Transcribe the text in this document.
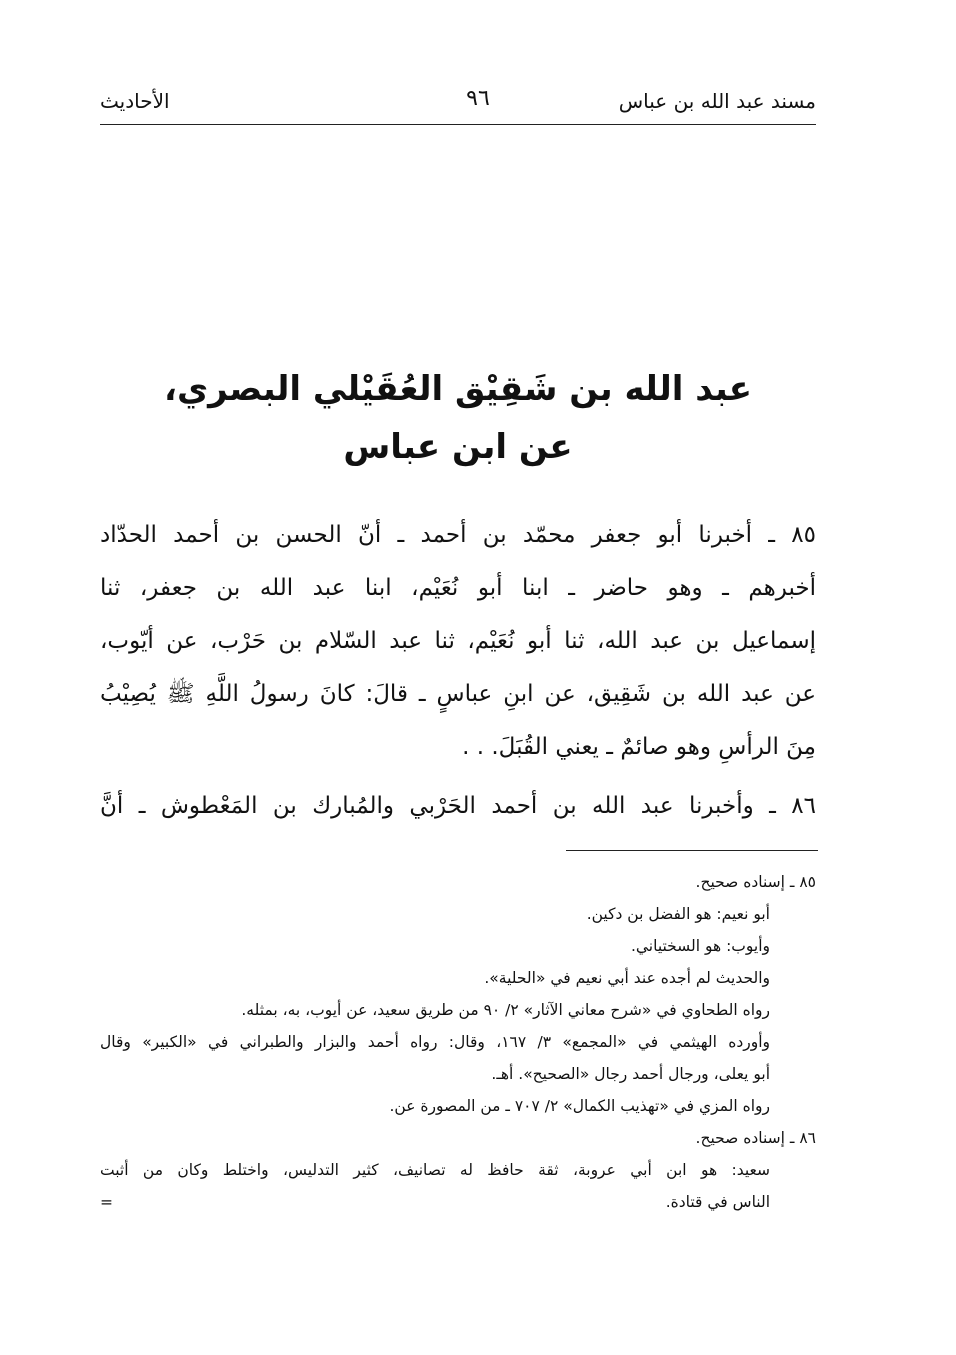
مسند عبد الله بن عباس
٩٦
الأحاديث
عبد الله بن شَقِيْق العُقَيْلي البصري،
عن ابن عباس
٨٥ ـ أخبرنا أبو جعفر محمّد بن أحمد ـ أنّ الحسن بن أحمد الحدّاد
أخبرهم ـ وهو حاضر ـ ابنا أبو نُعَيْم، ابنا عبد الله بن جعفر، ثنا
إسماعيل بن عبد الله، ثنا أبو نُعَيْم، ثنا عبد السّلام بن حَرْب، عن أيّوب،
عن عبد الله بن شَقِيق، عن ابنِ عباسٍ ـ قالَ: كانَ رسولُ اللَّهِ ﷺ يُصِيْبُ
مِنَ الرأسِ وهو صائمٌ ـ يعني القُبَلَ. . .
٨٦ ـ وأخبرنا عبد الله بن أحمد الحَرْبي والمُبارك بن المَعْطوش ـ أنَّ
٨٥ ـ إسناده صحيح.
أبو نعيم: هو الفضل بن دكين.
وأيوب: هو السختياني.
والحديث لم أجده عند أبي نعيم في «الحلية».
رواه الطحاوي في «شرح معاني الآثار» ٢/ ٩٠ من طريق سعيد، عن أيوب، به، بمثله.
وأورده الهيثمي في «المجمع» ٣/ ١٦٧، وقال: رواه أحمد والبزار والطبراني في «الكبير» وقال
أبو يعلى، ورجال أحمد رجال «الصحيح». أهـ.
رواه المزي في «تهذيب الكمال» ٢/ ٧٠٧ ـ من المصورة عن.
٨٦ ـ إسناده صحيح.
سعيد: هو ابن أبي عروبة، ثقة حافظ له تصانيف، كثير التدليس، واختلط وكان من أثبت
الناس في قتادة.
=
